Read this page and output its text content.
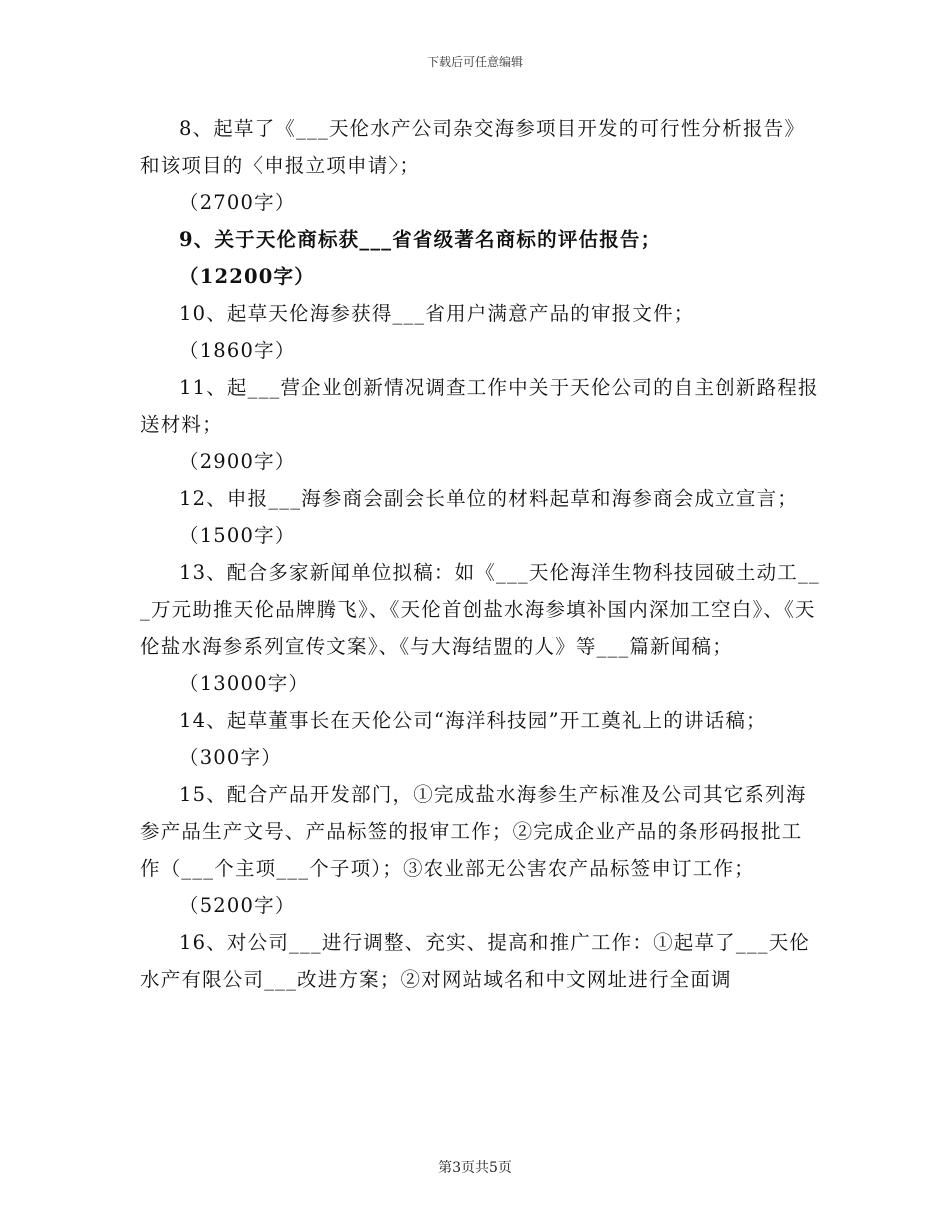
下载后可任意编辑

8、起草了《___天伦水产公司杂交海参项目开发的可行性分析报告》和该项目的〈申报立项申请〉；

（2700字）

9、关于天伦商标获___省省级著名商标的评估报告；

（12200字）

10、起草天伦海参获得___省用户满意产品的审报文件；

（1860字）

11、起___营企业创新情况调查工作中关于天伦公司的自主创新路程报送材料；

（2900字）

12、申报___海参商会副会长单位的材料起草和海参商会成立宣言；

（1500字）

13、配合多家新闻单位拟稿：如《___天伦海洋生物科技园破土动工___万元助推天伦品牌腾飞》、《天伦首创盐水海参填补国内深加工空白》、《天伦盐水海参系列宣传文案》、《与大海结盟的人》等___篇新闻稿；

（13000字）

14、起草董事长在天伦公司“海洋科技园”开工奠礼上的讲话稿；

（300字）

15、配合产品开发部门，①完成盐水海参生产标准及公司其它系列海参产品生产文号、产品标签的报审工作；②完成企业产品的条形码报批工作（___个主项___个子项）；③农业部无公害农产品标签申订工作；

（5200字）

16、对公司___进行调整、充实、提高和推广工作：①起草了___天伦水产有限公司___改进方案；②对网站域名和中文网址进行全面调

第3页共5页
